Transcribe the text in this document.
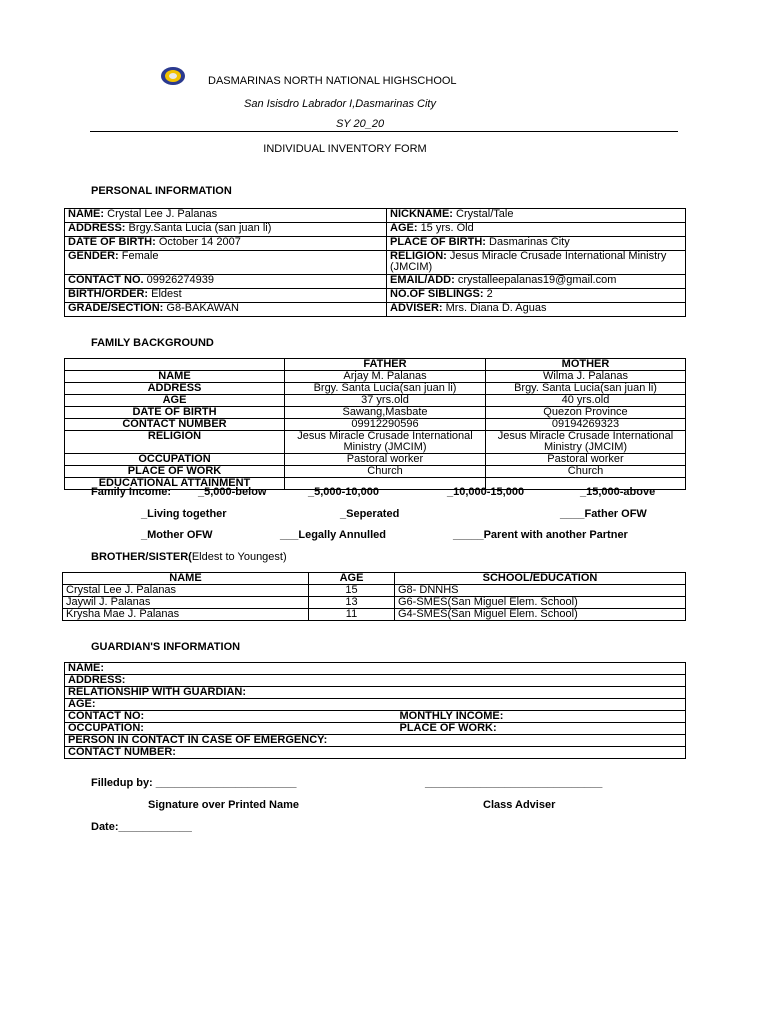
DASMARINAS NORTH NATIONAL HIGHSCHOOL
San Isisdro Labrador I,Dasmarinas City
SY 20_20
INDIVIDUAL INVENTORY FORM
PERSONAL INFORMATION
NAME: Crystal Lee J. Palanas	NICKNAME: Crystal/Tale
ADDRESS: Brgy.Santa Lucia (san juan li)	AGE: 15 yrs. Old
DATE OF BIRTH: October 14 2007	PLACE OF BIRTH: Dasmarinas City
GENDER: Female	RELIGION: Jesus Miracle Crusade International Ministry (JMCIM)
CONTACT NO. 09926274939	EMAIL/ADD: crystalleepalanas19@gmail.com
BIRTH/ORDER: Eldest	NO.OF SIBLINGS: 2
GRADE/SECTION: G8-BAKAWAN	ADVISER: Mrs. Diana D. Aguas
FAMILY BACKGROUND
	FATHER	MOTHER
NAME	Arjay M. Palanas	Wilma J. Palanas
ADDRESS	Brgy. Santa Lucia(san juan li)	Brgy. Santa Lucia(san juan li)
AGE	37 yrs.old	40 yrs.old
DATE OF BIRTH	Sawang,Masbate	Quezon Province
CONTACT NUMBER	09912290596	09194269323
RELIGION	Jesus Miracle Crusade International Ministry (JMCIM)	Jesus Miracle Crusade International Ministry (JMCIM)
OCCUPATION	Pastoral worker	Pastoral worker
PLACE OF WORK	Church	Church
EDUCATIONAL ATTAINMENT		
Family Income: _5,000-below	_5,000-10,000	_10,000-15,000	_15,000-above
_Living together	_Seperated	____Father OFW
_Mother OFW	___Legally Annulled	_____Parent with another Partner
BROTHER/SISTER(Eldest to Youngest)
NAME	AGE	SCHOOL/EDUCATION
Crystal Lee J. Palanas	15	G8- DNNHS
Jaywil J. Palanas	13	G6-SMES(San Miguel Elem. School)
Krysha Mae J. Palanas	11	G4-SMES(San Miguel Elem. School)
GUARDIAN'S INFORMATION
NAME:	
ADDRESS:	
RELATIONSHIP WITH GUARDIAN:	
AGE:	
CONTACT NO:	MONTHLY INCOME:
OCCUPATION:	PLACE OF WORK:
PERSON IN CONTACT IN CASE OF EMERGENCY:	
CONTACT NUMBER:	
Filledup by: _______________________	_____________________________
Signature over Printed Name	Class Adviser
Date:____________
